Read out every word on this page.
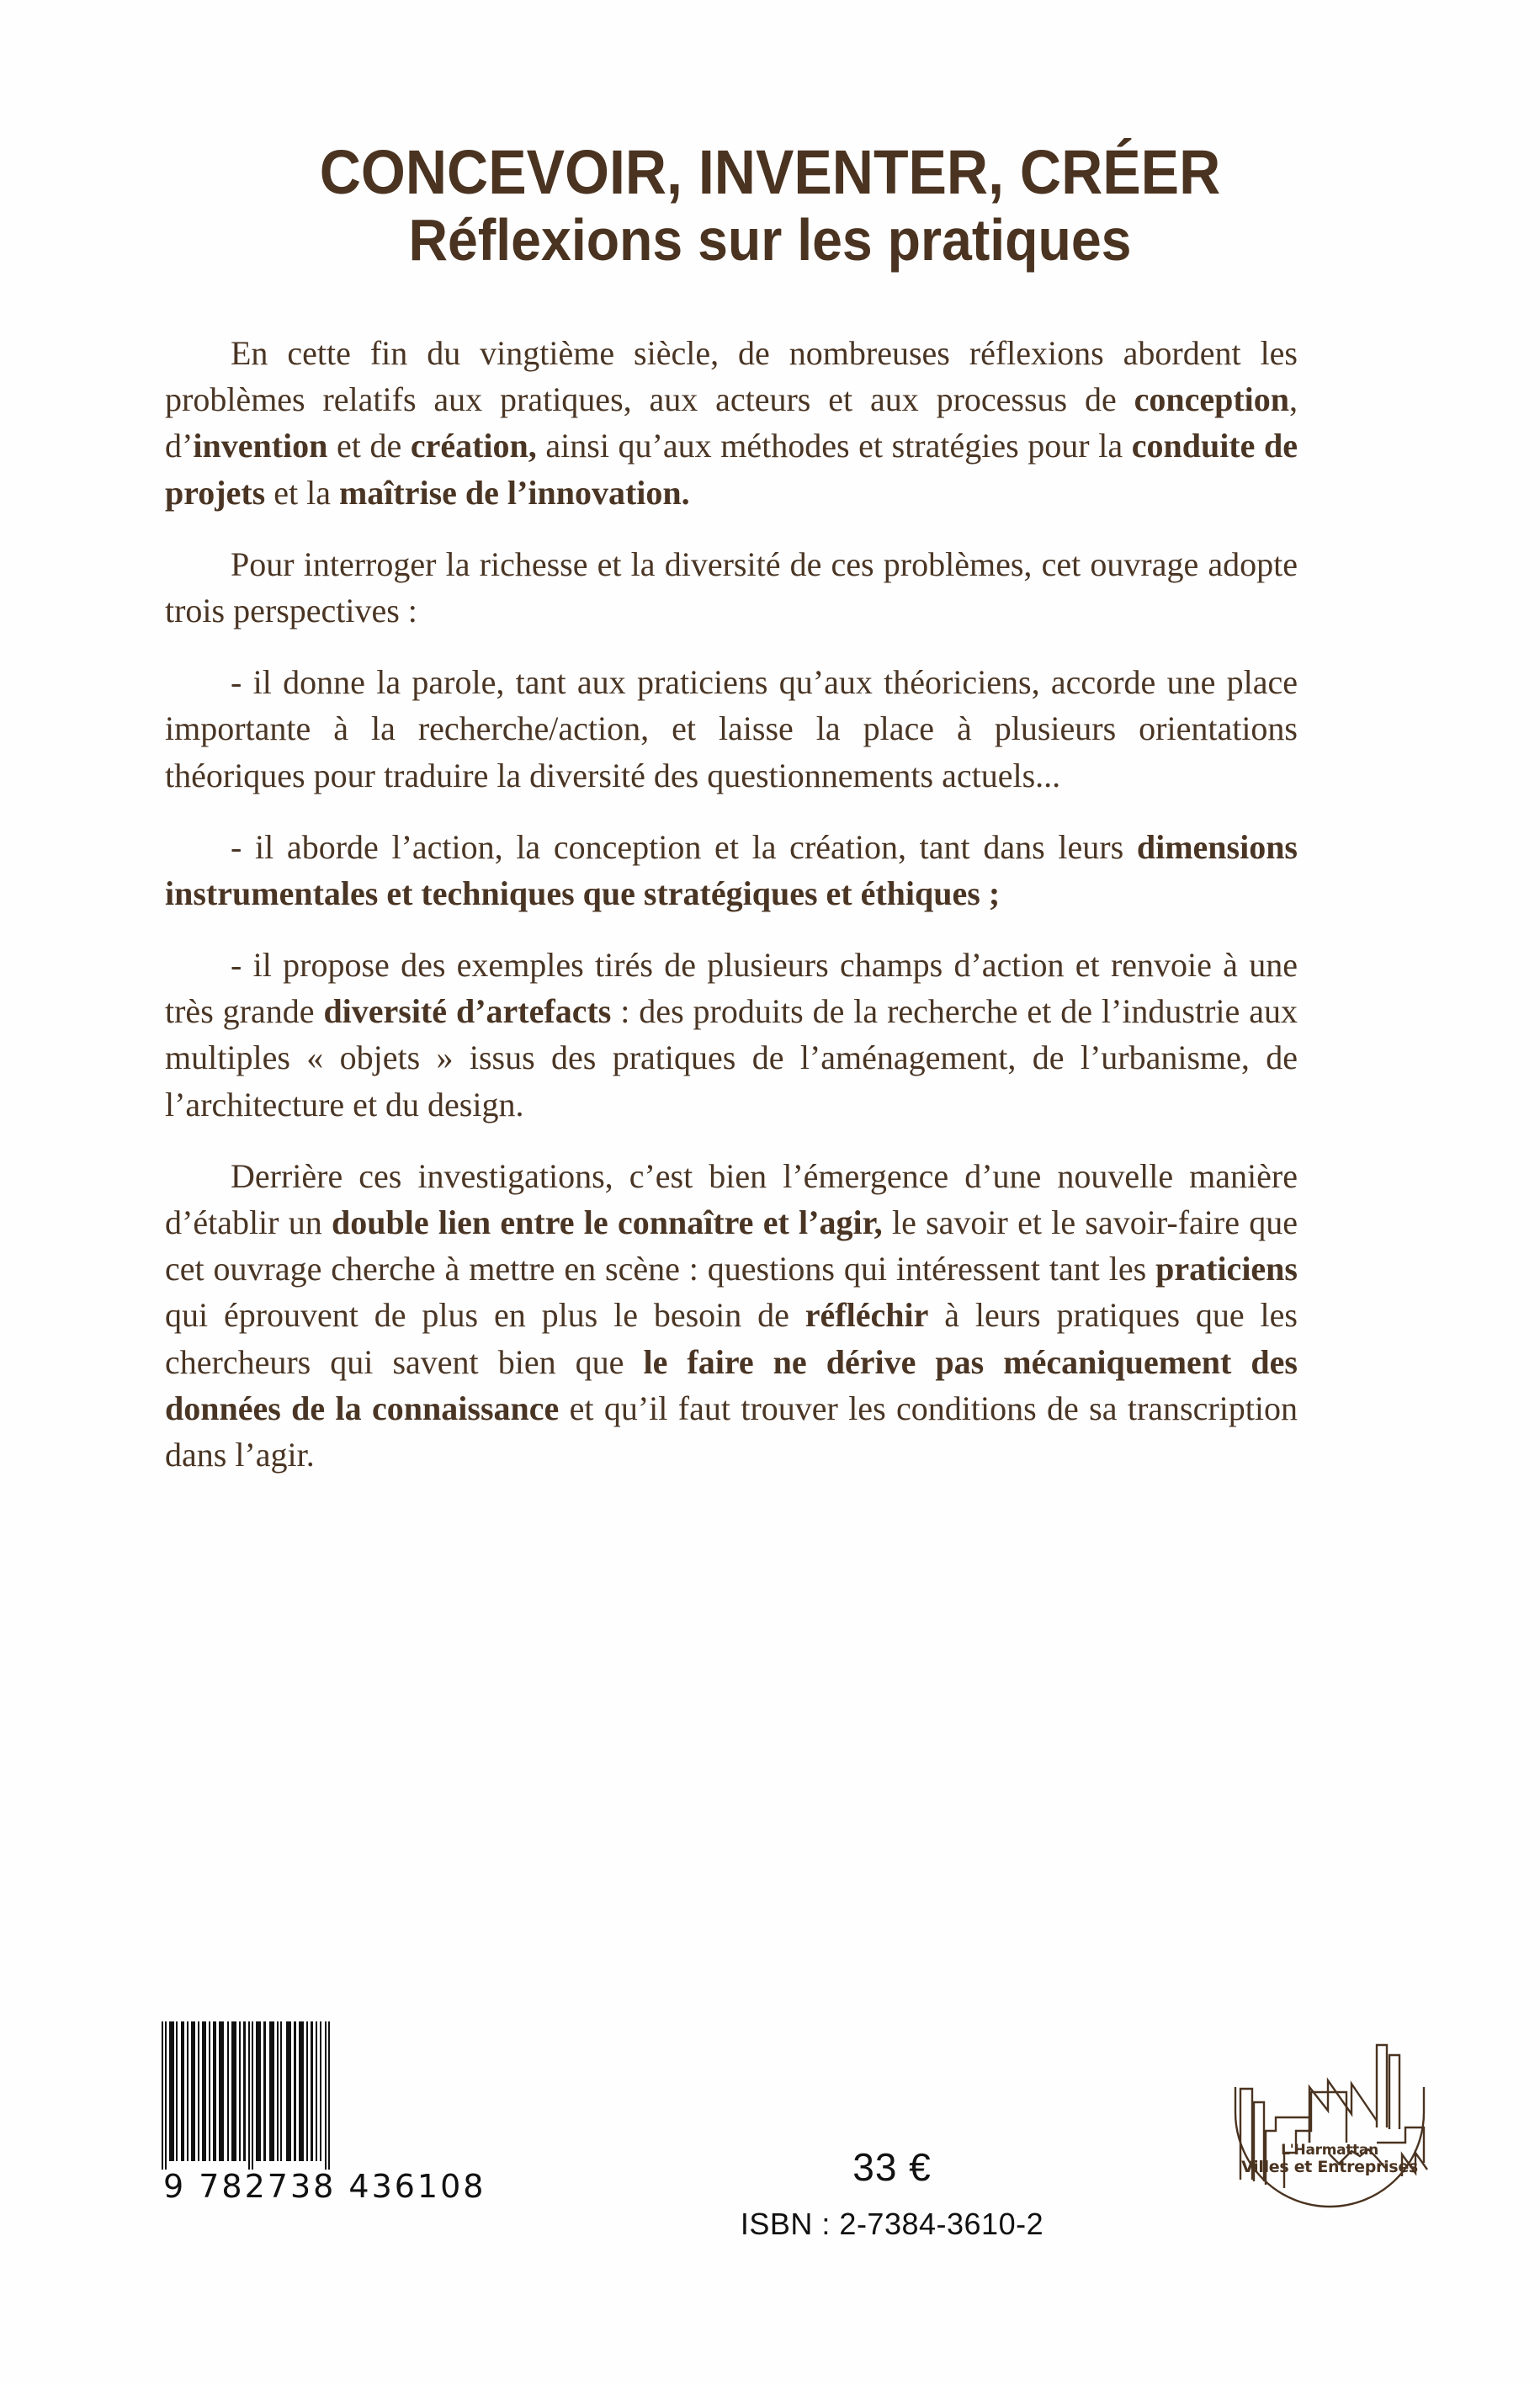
CONCEVOIR, INVENTER, CRÉER
Réflexions sur les pratiques

En cette fin du vingtième siècle, de nombreuses réflexions abordent les problèmes relatifs aux pratiques, aux acteurs et aux processus de conception, d’invention et de création, ainsi qu’aux méthodes et stratégies pour la conduite de projets et la maîtrise de l’innovation.

Pour interroger la richesse et la diversité de ces problèmes, cet ouvrage adopte trois perspectives :

- il donne la parole, tant aux praticiens qu’aux théoriciens, accorde une place importante à la recherche/action, et laisse la place à plusieurs orientations théoriques pour traduire la diversité des questionnements actuels...

- il aborde l’action, la conception et la création, tant dans leurs dimensions instrumentales et techniques que stratégiques et éthiques ;

- il propose des exemples tirés de plusieurs champs d’action et renvoie à une très grande diversité d’artefacts : des produits de la recherche et de l’industrie aux multiples « objets » issus des pratiques de l’aménagement, de l’urbanisme, de l’architecture et du design.

Derrière ces investigations, c’est bien l’émergence d’une nouvelle manière d’établir un double lien entre le connaître et l’agir, le savoir et le savoir-faire que cet ouvrage cherche à mettre en scène : questions qui intéressent tant les praticiens qui éprouvent de plus en plus le besoin de réfléchir à leurs pratiques que les chercheurs qui savent bien que le faire ne dérive pas mécaniquement des données de la connaissance et qu’il faut trouver les conditions de sa transcription dans l’agir.

9 782738 436108	33 €
ISBN : 2-7384-3610-2
L'Harmattan
Villes et Entreprises
